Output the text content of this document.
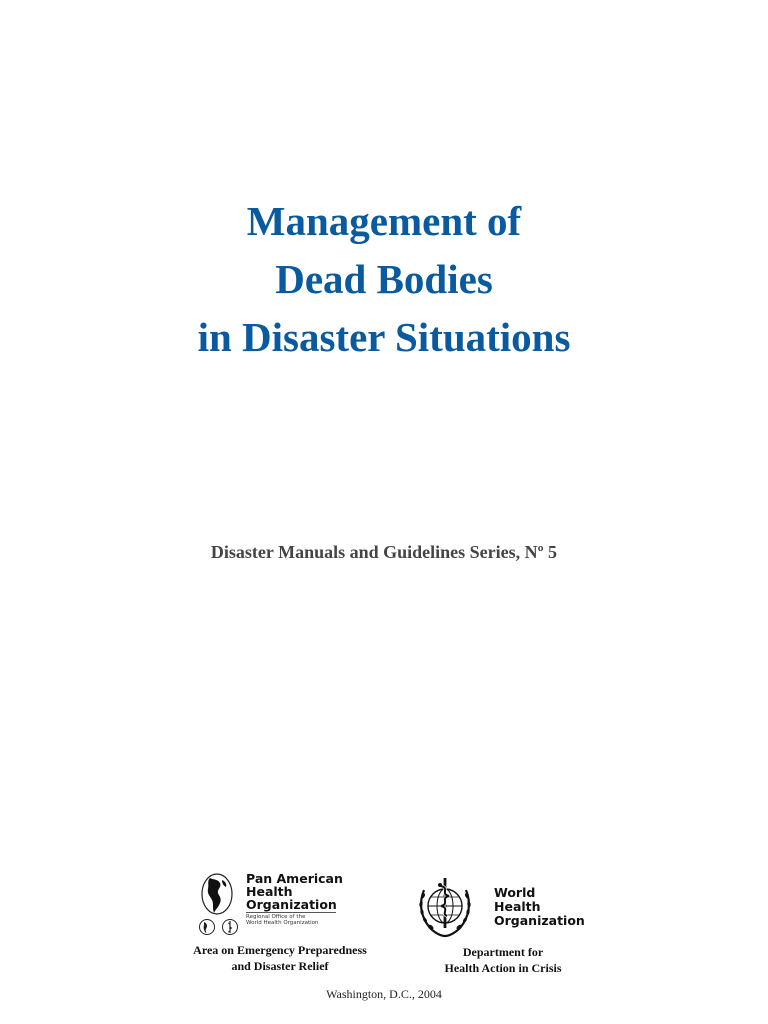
Management of
Dead Bodies
in Disaster Situations
Disaster Manuals and Guidelines Series, Nº 5
Pan American
Health
Organization
Regional Office of the
World Health Organization
Area on Emergency Preparedness
and Disaster Relief
World
Health
Organization
Department for
Health Action in Crisis
Washington, D.C., 2004
